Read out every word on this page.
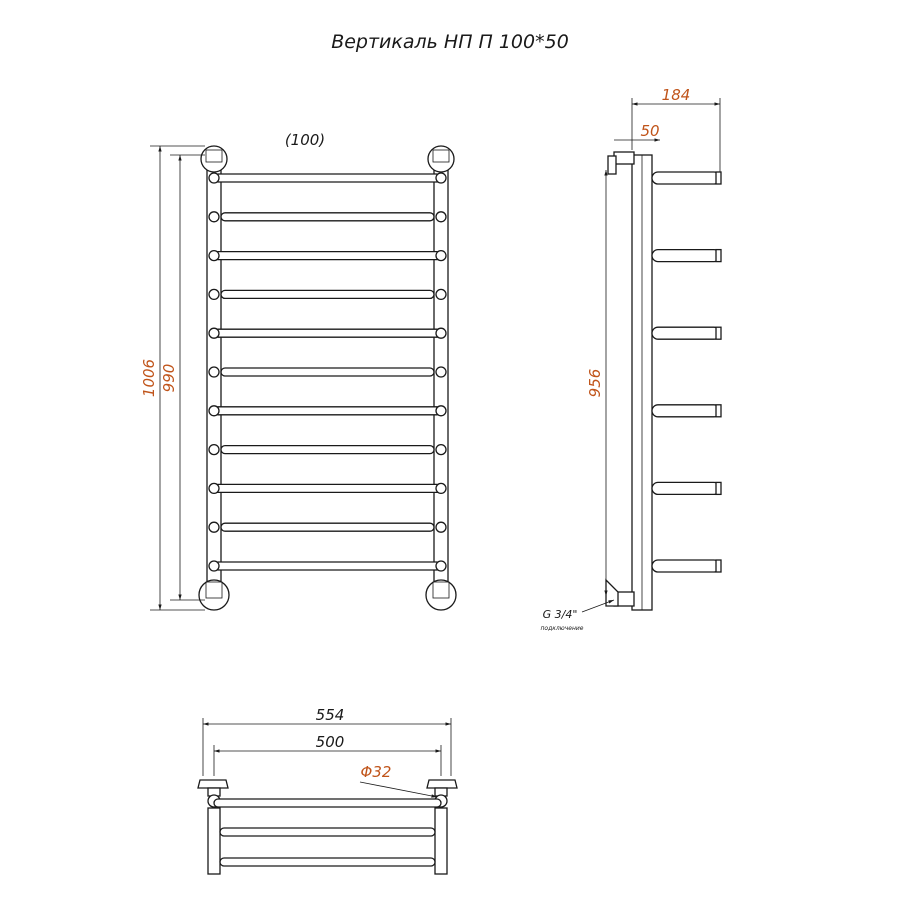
Вертикаль НП П 100*50
(100)
1006 990
184
50
956
G 3/4"
подключение
554
500
Φ32
